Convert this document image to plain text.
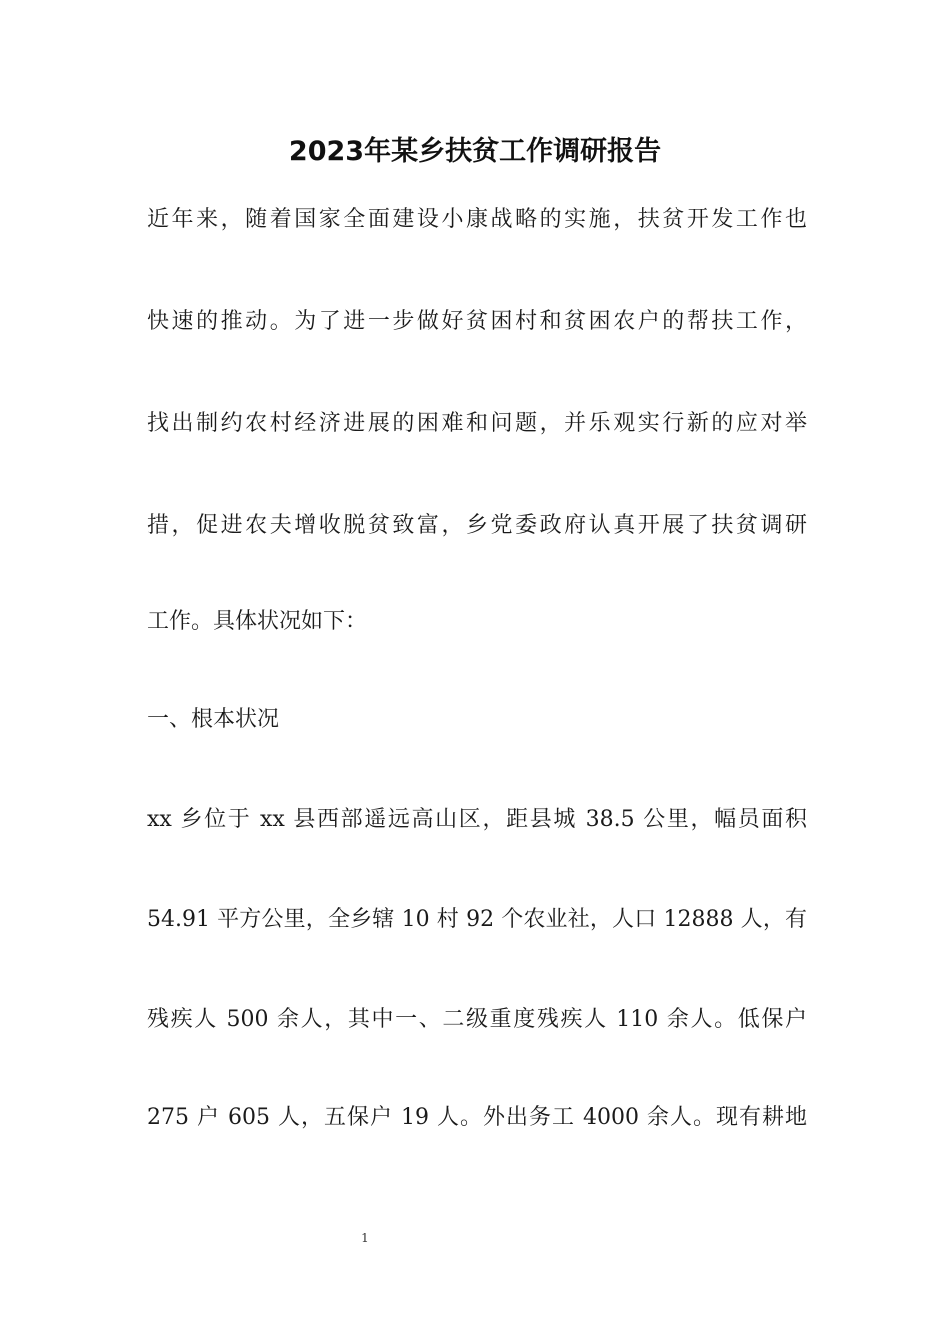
2023年某乡扶贫工作调研报告
近年来，随着国家全面建设小康战略的实施，扶贫开发工作也
快速的推动。为了进一步做好贫困村和贫困农户的帮扶工作，
找出制约农村经济进展的困难和问题，并乐观实行新的应对举
措，促进农夫增收脱贫致富，乡党委政府认真开展了扶贫调研
工作。具体状况如下：
一、根本状况
xx 乡位于 xx 县西部遥远高山区，距县城 38.5 公里，幅员面积
54.91 平方公里，全乡辖 10 村 92 个农业社，人口 12888 人，有
残疾人 500 余人，其中一、二级重度残疾人 110 余人。低保户
275 户 605 人，五保户 19 人。外出务工 4000 余人。现有耕地
1
